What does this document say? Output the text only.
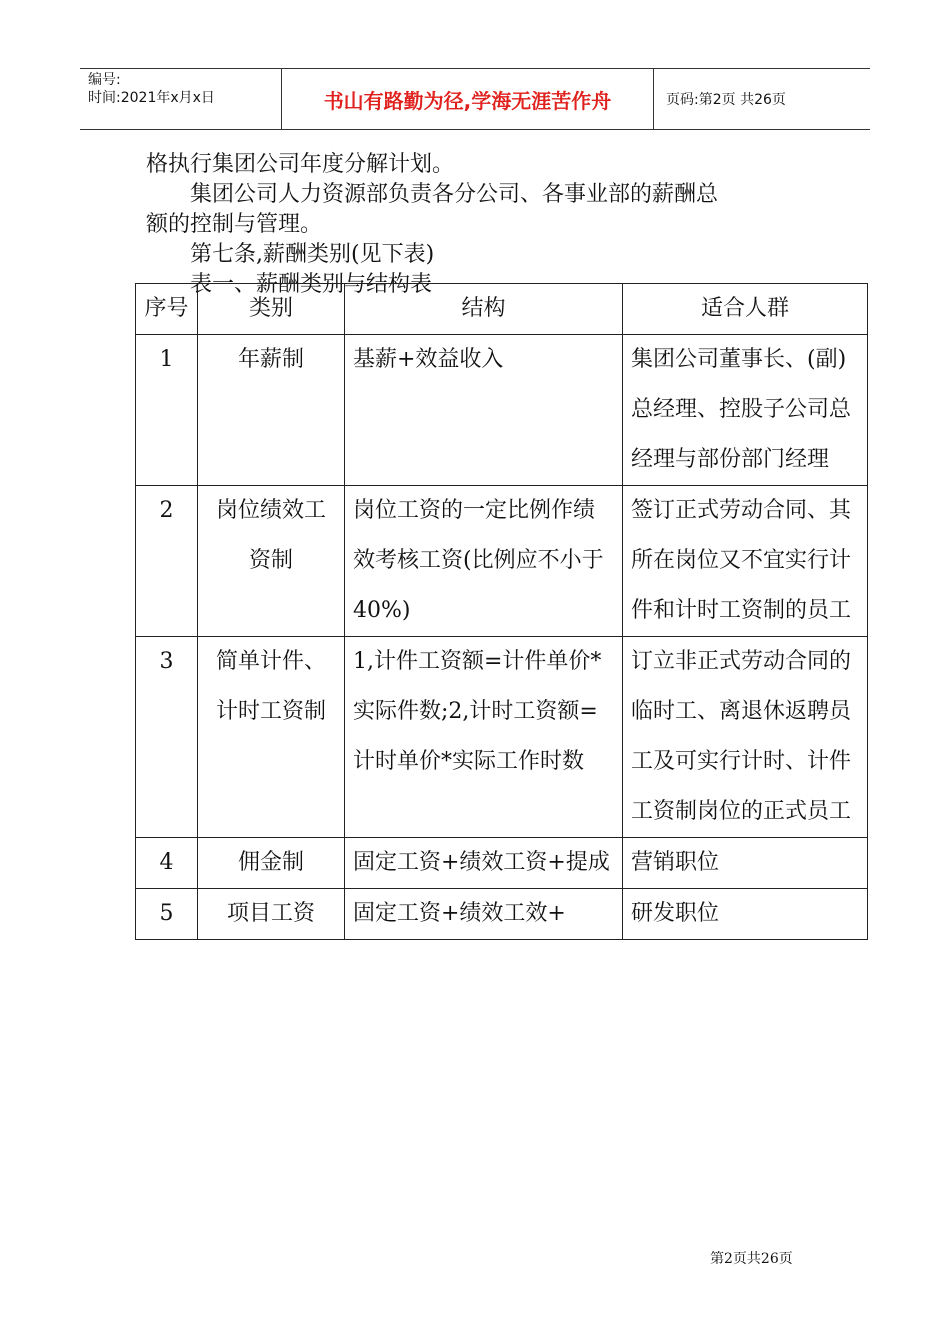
编号:
时间:2021年x月x日	书山有路勤为径,学海无涯苦作舟	页码:第2页 共26页

格执行集团公司年度分解计划。

集团公司人力资源部负责各分公司、各事业部的薪酬总

额的控制与管理。

第七条,薪酬类别(见下表)

表一、薪酬类别与结构表

序号	类别	结构	适合人群
1	年薪制	基薪+效益收入	集团公司董事长、(副)总经理、控股子公司总经理与部份部门经理
2	岗位绩效工资制	岗位工资的一定比例作绩效考核工资(比例应不小于40%)	签订正式劳动合同、其所在岗位又不宜实行计件和计时工资制的员工
3	简单计件、计时工资制	1,计件工资额=计件单价*实际件数;2,计时工资额=计时单价*实际工作时数	订立非正式劳动合同的临时工、离退休返聘员工及可实行计时、计件工资制岗位的正式员工
4	佣金制	固定工资+绩效工资+提成	营销职位
5	项目工资	固定工资+绩效工效+	研发职位
第2页共26页
